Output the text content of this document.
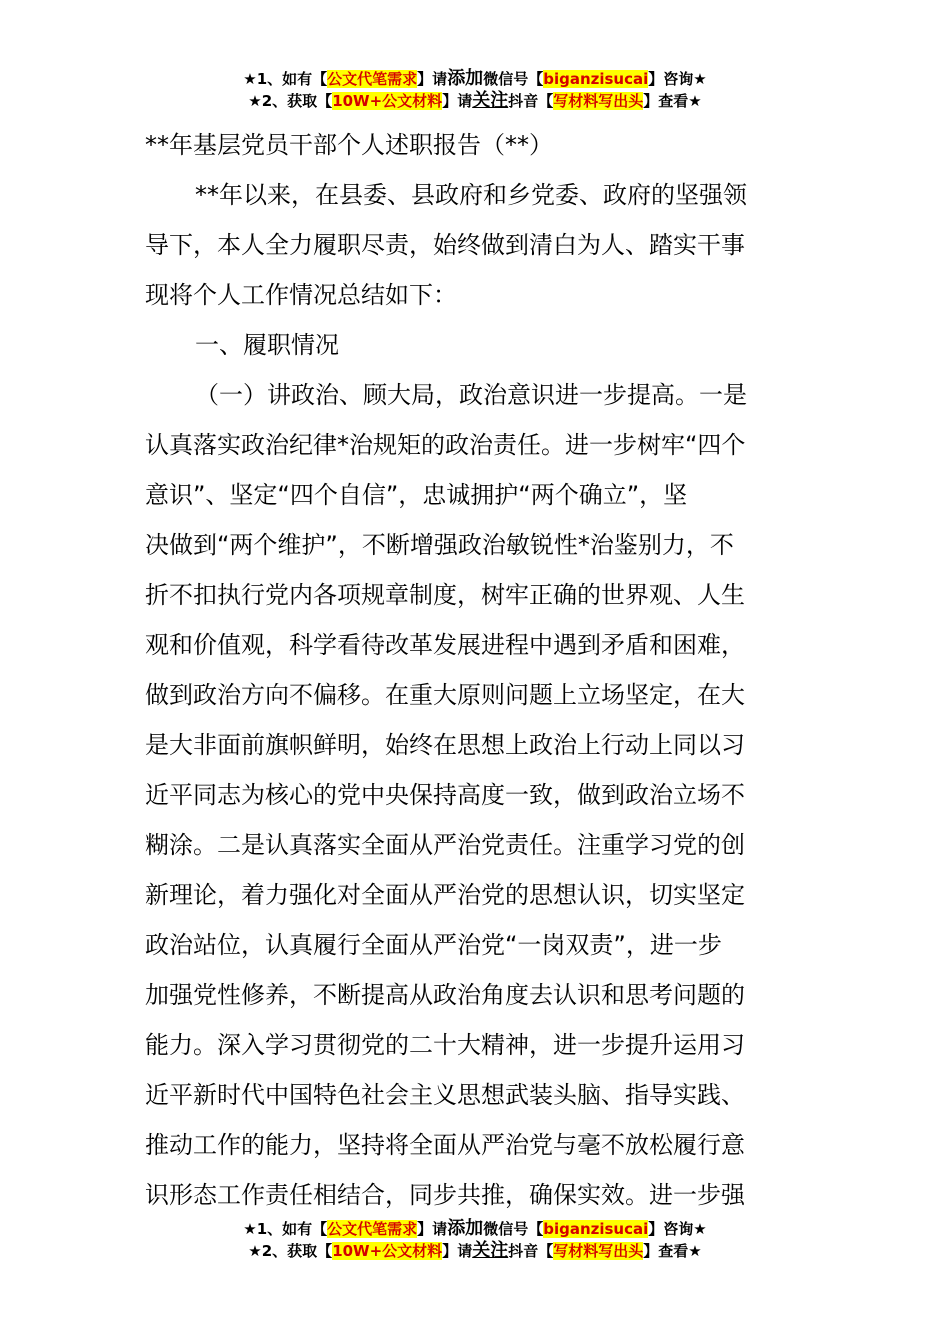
★1、如有【公文代笔需求】请添加微信号【biganzisucai】咨询★
★2、获取【10W+公文材料】请关注抖音【写材料写出头】查看★
**年基层党员干部个人述职报告（**）
**年以来，在县委、县政府和乡党委、政府的坚强领
导下，本人全力履职尽责，始终做到清白为人、踏实干事
现将个人工作情况总结如下：
一、履职情况
（一）讲政治、顾大局，政治意识进一步提高。一是
认真落实政治纪律*治规矩的政治责任。进一步树牢“四个
意识”、坚定“四个自信”，忠诚拥护“两个确立”，坚
决做到“两个维护”，不断增强政治敏锐性*治鉴别力，不
折不扣执行党内各项规章制度，树牢正确的世界观、人生
观和价值观，科学看待改革发展进程中遇到矛盾和困难，
做到政治方向不偏移。在重大原则问题上立场坚定，在大
是大非面前旗帜鲜明，始终在思想上政治上行动上同以习
近平同志为核心的党中央保持高度一致，做到政治立场不
糊涂。二是认真落实全面从严治党责任。注重学习党的创
新理论，着力强化对全面从严治党的思想认识，切实坚定
政治站位，认真履行全面从严治党“一岗双责”，进一步
加强党性修养，不断提高从政治角度去认识和思考问题的
能力。深入学习贯彻党的二十大精神，进一步提升运用习
近平新时代中国特色社会主义思想武装头脑、指导实践、
推动工作的能力，坚持将全面从严治党与毫不放松履行意
识形态工作责任相结合，同步共推，确保实效。进一步强
★1、如有【公文代笔需求】请添加微信号【biganzisucai】咨询★
★2、获取【10W+公文材料】请关注抖音【写材料写出头】查看★
